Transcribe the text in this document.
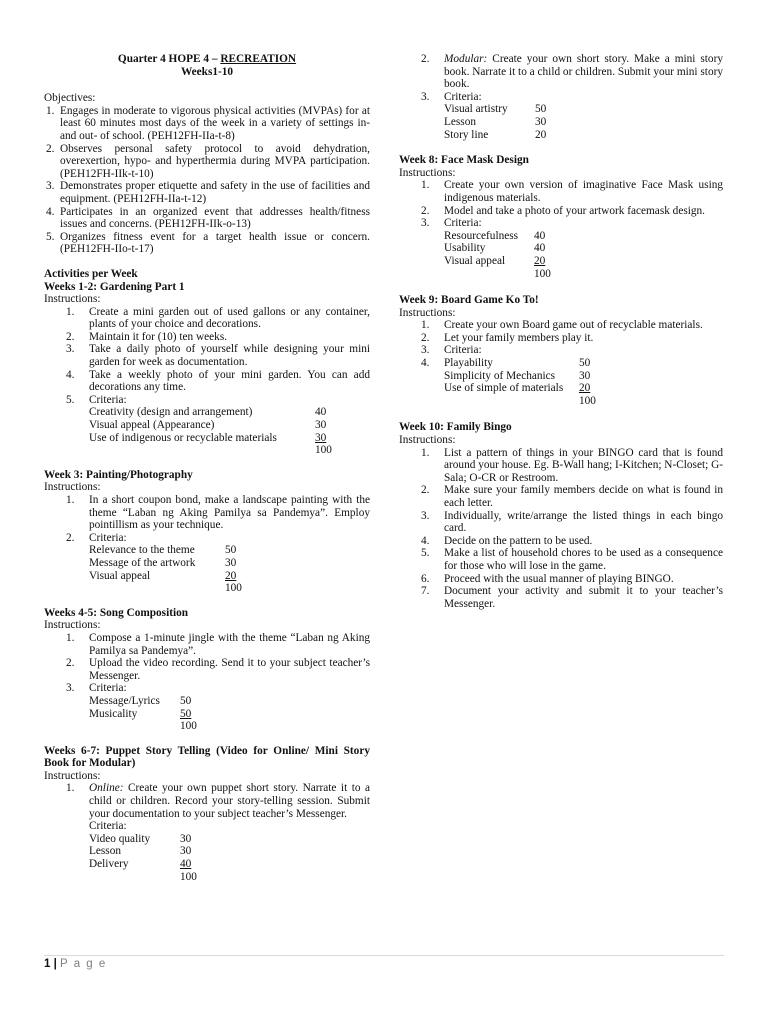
Quarter 4 HOPE 4 – RECREATION

Weeks1-10

Objectives:

1. Engages in moderate to vigorous physical activities (MVPAs) for at least 60 minutes most days of the week in a variety of settings in- and out- of school. (PEH12FH-IIa-t-8)
2. Observes personal safety protocol to avoid dehydration, overexertion, hypo- and hyperthermia during MVPA participation. (PEH12FH-IIk-t-10)
3. Demonstrates proper etiquette and safety in the use of facilities and equipment. (PEH12FH-IIa-t-12)
4. Participates in an organized event that addresses health/fitness issues and concerns. (PEH12FH-IIk-o-13)
5. Organizes fitness event for a target health issue or concern. (PEH12FH-IIo-t-17)

Activities per Week

Weeks 1-2: Gardening Part 1

Instructions:

1. Create a mini garden out of used gallons or any container, plants of your choice and decorations.
2. Maintain it for (10) ten weeks.
3. Take a daily photo of yourself while designing your mini garden for week as documentation.
4. Take a weekly photo of your mini garden. You can add decorations any time.
5. Criteria:
Creativity (design and arrangement)	40
Visual appeal (Appearance)	30
Use of indigenous or recyclable materials	30
100

Week 3: Painting/Photography

Instructions:

1. In a short coupon bond, make a landscape painting with the theme “Laban ng Aking Pamilya sa Pandemya”. Employ pointillism as your technique.
2. Criteria:
Relevance to the theme	50
Message of the artwork	30
Visual appeal	20
100

Weeks 4-5: Song Composition

Instructions:

1. Compose a 1-minute jingle with the theme “Laban ng Aking Pamilya sa Pandemya”.
2. Upload the video recording. Send it to your subject teacher’s Messenger.
3. Criteria:
Message/Lyrics	50
Musicality	50
100

Weeks 6-7: Puppet Story Telling (Video for Online/ Mini Story Book for Modular)

Instructions:

1. Online: Create your own puppet short story. Narrate it to a child or children. Record your story-telling session. Submit your documentation to your subject teacher’s Messenger.

Criteria:

Video quality	30
Lesson	30
Delivery	40
100
2. Modular: Create your own short story. Make a mini story book. Narrate it to a child or children. Submit your mini story book.
3. Criteria:
Visual artistry	50
Lesson	30
Story line	20

Week 8: Face Mask Design

Instructions:

1. Create your own version of imaginative Face Mask using indigenous materials.
2. Model and take a photo of your artwork facemask design.
3. Criteria:
Resourcefulness	40
Usability	40
Visual appeal	20
100

Week 9: Board Game Ko To!

Instructions:

1. Create your own Board game out of recyclable materials.
2. Let your family members play it.
3. Criteria:
4. Playability	50
Simplicity of Mechanics	30
Use of simple of materials	20
100

Week 10: Family Bingo

Instructions:

1. List a pattern of things in your BINGO card that is found around your house. Eg. B-Wall hang; I-Kitchen; N-Closet; G-Sala; O-CR or Restroom.
2. Make sure your family members decide on what is found in each letter.
3. Individually, write/arrange the listed things in each bingo card.
4. Decide on the pattern to be used.
5. Make a list of household chores to be used as a consequence for those who will lose in the game.
6. Proceed with the usual manner of playing BINGO.
7. Document your activity and submit it to your teacher’s Messenger.
1 | P a g e
